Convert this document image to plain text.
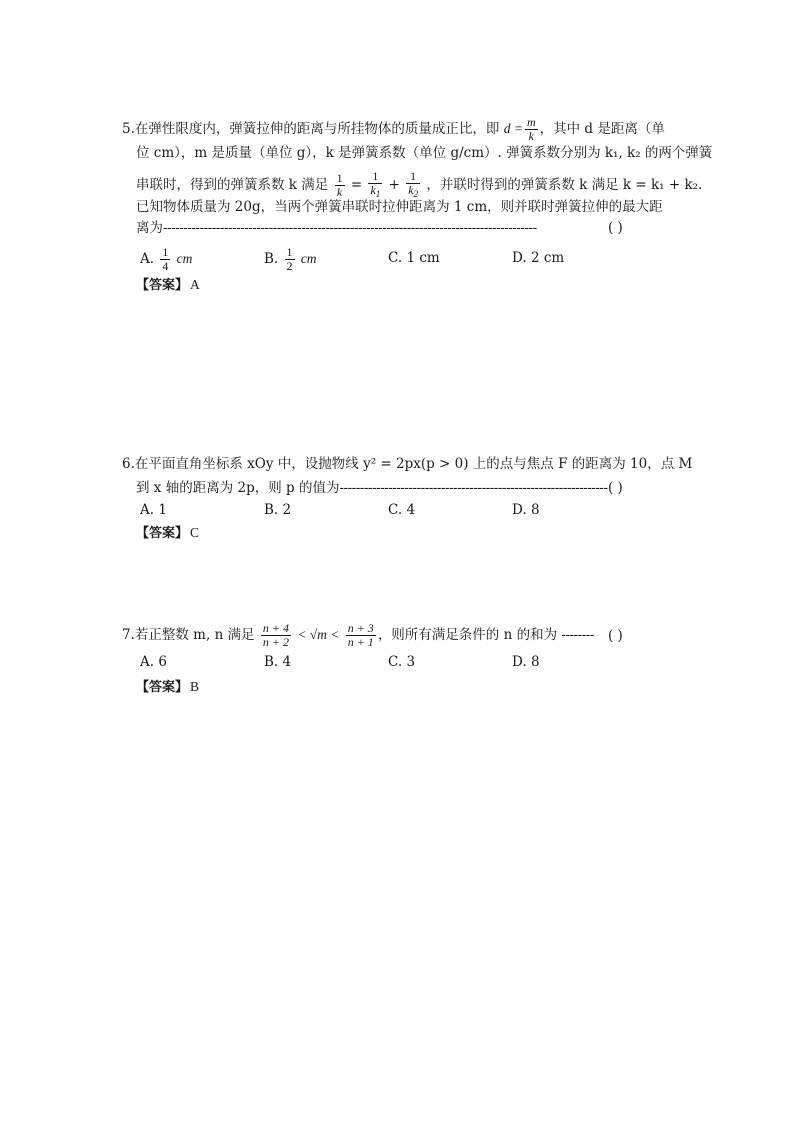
5.在弹性限度内，弹簧拉伸的距离与所挂物体的质量成正比，即 $d = \frac{m}{k}$ ，其中 d 是距离（单
位 cm），m 是质量（单位 g），k 是弹簧系数（单位 g/cm）. 弹簧系数分别为 k₁, k₂ 的两个弹簧
串联时，得到的弹簧系数 k 满足 $\frac{1}{k} = \frac{1}{k_1} + \frac{1}{k_2}$ ，并联时得到的弹簧系数 k 满足 k = k₁ + k₂.
已知物体质量为 20g，当两个弹簧串联时拉伸距离为 1 cm，则并联时弹簧拉伸的最大距
离为--------------------------------------------------------------------------------------------	( )
A. $\frac{1}{4}$ cm	B. $\frac{1}{2}$ cm	C. 1 cm	D. 2 cm
【答案】 A
6.在平面直角坐标系 xOy 中，设抛物线 y² = 2px(p > 0) 上的点与焦点 F 的距离为 10，点 M
到 x 轴的距离为 2p，则 p 的值为------------------------------------------------------------------ ( )
A. 1	B. 2	C. 4	D. 8
【答案】 C
7.若正整数 m, n 满足 $\frac{n + 4}{n + 2} < √m < \frac{n + 3}{n + 1}$ ，则所有满足条件的 n 的和为 -------- ( )
A. 6	B. 4	C. 3	D. 8
【答案】 B
